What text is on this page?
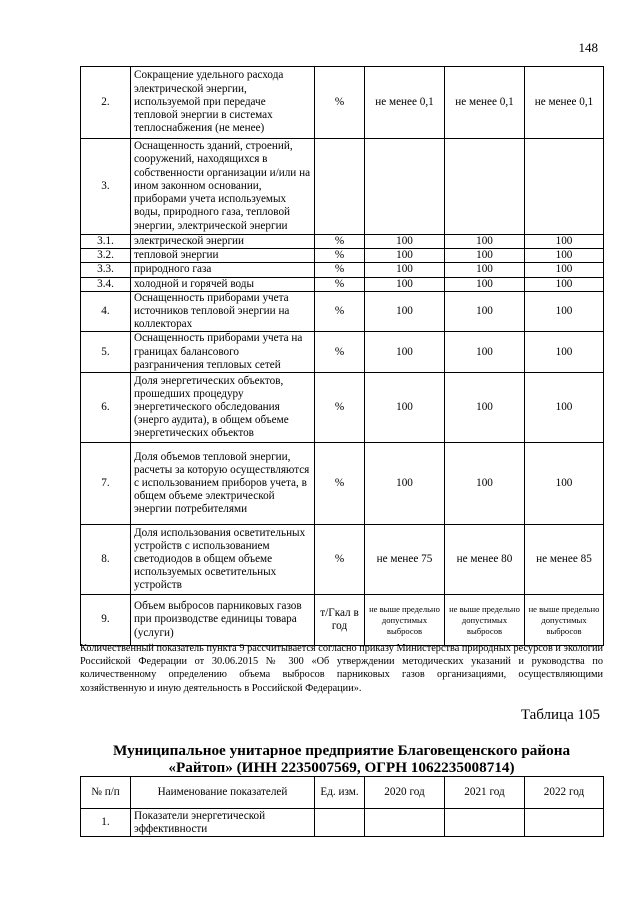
148
2.	Сокращение удельного расхода электрической энергии, используемой при передаче тепловой энергии в системах теплоснабжения (не менее)	%	не менее 0,1	не менее 0,1	не менее 0,1
3.	Оснащенность зданий, строений, сооружений, находящихся в собственности организации и/или на ином законном основании, приборами учета используемых воды, природного газа, тепловой энергии, электрической энергии				
3.1.	электрической энергии	%	100	100	100
3.2.	тепловой энергии	%	100	100	100
3.3.	природного газа	%	100	100	100
3.4.	холодной и горячей воды	%	100	100	100
4.	Оснащенность приборами учета источников тепловой энергии на коллекторах	%	100	100	100
5.	Оснащенность приборами учета на границах балансового разграничения тепловых сетей	%	100	100	100
6.	Доля энергетических объектов, прошедших процедуру энергетического обследования (энерго аудита), в общем объеме энергетических объектов	%	100	100	100
7.	Доля объемов тепловой энергии, расчеты за которую осуществляются с использованием приборов учета, в общем объеме электрической энергии потребителями	%	100	100	100
8.	Доля использования осветительных устройств с использованием светодиодов в общем объеме используемых осветительных устройств	%	не менее 75	не менее 80	не менее 85
9.	Объем выбросов парниковых газов при производстве единицы товара (услуги)	т/Гкал в год	не выше предельно допустимых выбросов	не выше предельно допустимых выбросов	не выше предельно допустимых выбросов
Количественный показатель пункта 9 рассчитывается согласно приказу Министерства природных ресурсов и экологии Российской Федерации от 30.06.2015 № 300 «Об утверждении методических указаний и руководства по количественному определению объема выбросов парниковых газов организациями, осуществляющими хозяйственную и иную деятельность в Российской Федерации».
Таблица 105
Муниципальное унитарное предприятие Благовещенского района
«Райтоп» (ИНН 2235007569, ОГРН 1062235008714)
№ п/п	Наименование показателей	Ед. изм.	2020 год	2021 год	2022 год
1.	Показатели энергетической эффективности				
